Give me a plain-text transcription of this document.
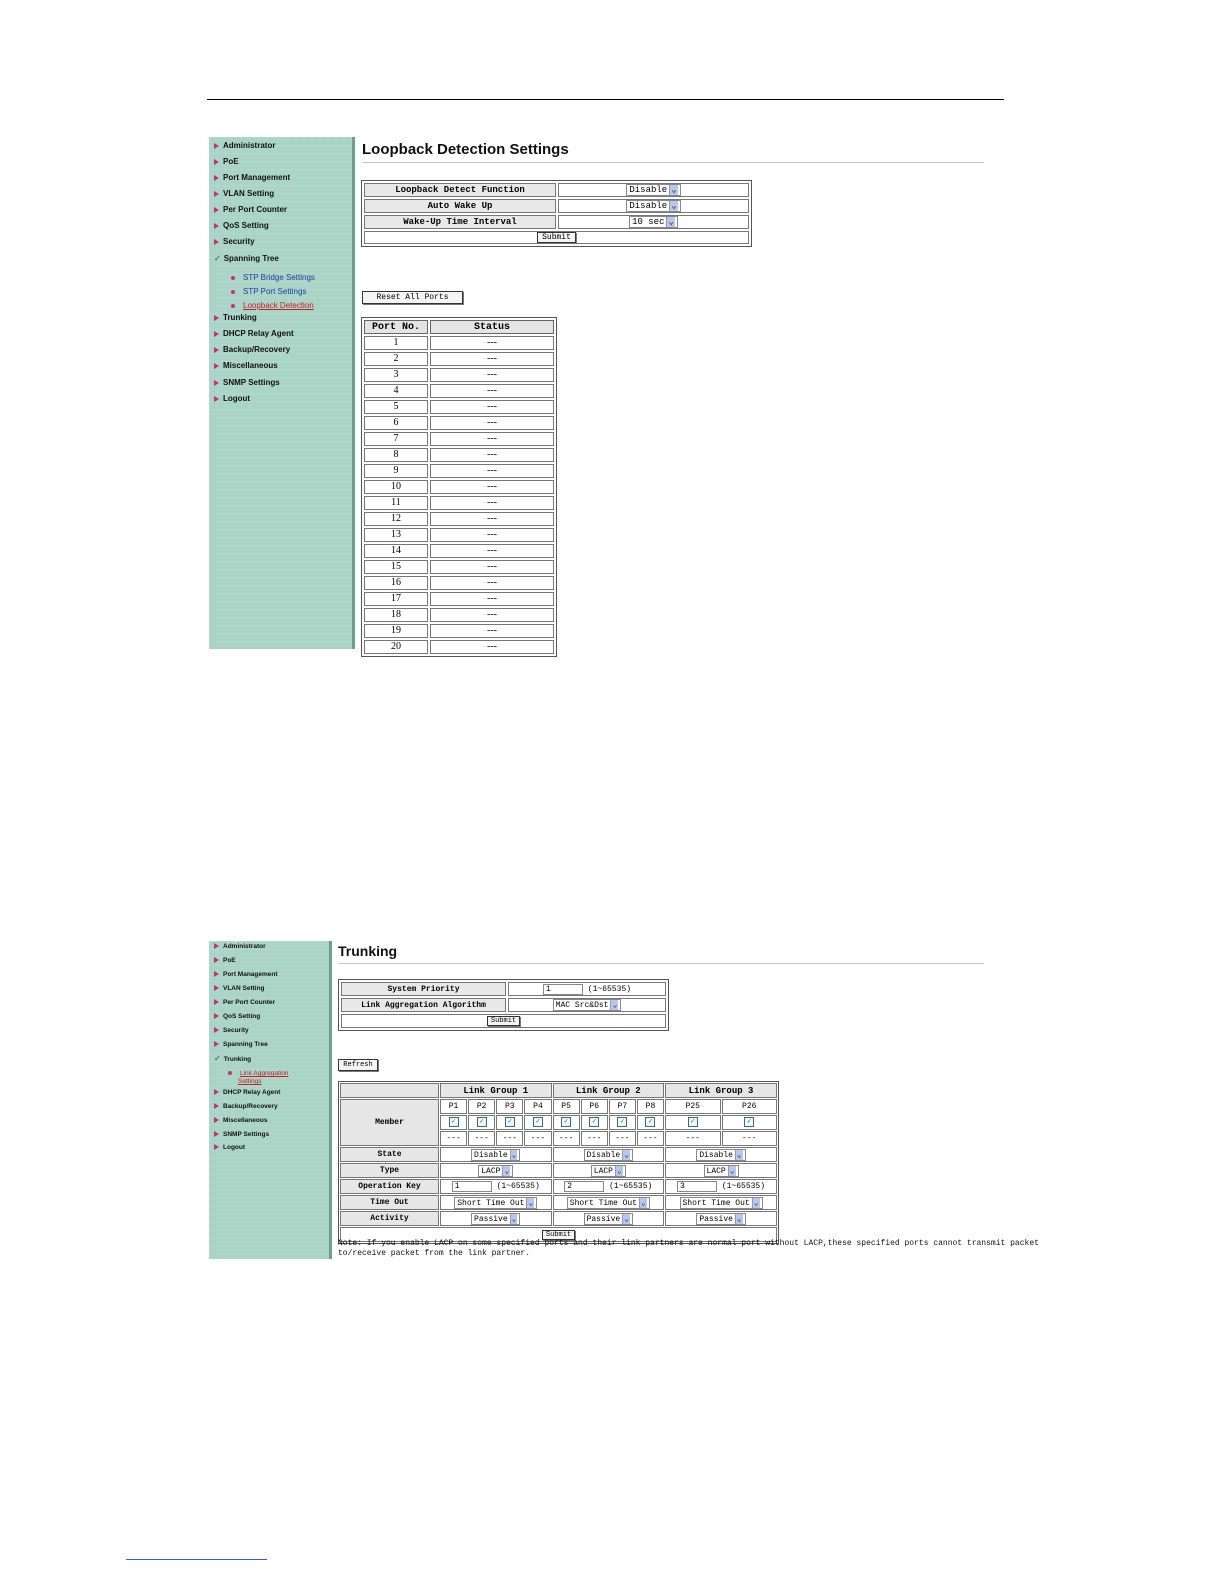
Administrator
PoE
Port Management
VLAN Setting
Per Port Counter
QoS Setting
Security
✓ Spanning Tree
STP Bridge Settings
STP Port Settings
Loopback Detection
Trunking
DHCP Relay Agent
Backup/Recovery
Miscellaneous
SNMP Settings
Logout
Loopback Detection Settings
Loopback Detect Function	Disable ⌄
Auto Wake Up	Disable ⌄
Wake-Up Time Interval	10 sec ⌄
Submit	
Reset All Ports
Port No.	Status
1	---
2	---
3	---
4	---
5	---
6	---
7	---
8	---
9	---
10	---
11	---
12	---
13	---
14	---
15	---
16	---
17	---
18	---
19	---
20	---
Administrator
PoE
Port Management
VLAN Setting
Per Port Counter
QoS Setting
Security
Spanning Tree
✓ Trunking
Link Aggregation
Settings
DHCP Relay Agent
Backup/Recovery
Miscellaneous
SNMP Settings
Logout
Trunking
System Priority	1 (1~65535)
Link Aggregation Algorithm	MAC Src&Dst ⌄
Submit	
Refresh
	Link Group 1				Link Group 2				Link Group 3	
Member	P1	P2	P3	P4	P5	P6	P7	P8	P25	P26
	✓	✓	✓	✓	✓	✓	✓	✓	✓	✓
	---	---	---	---	---	---	---	---	---	---
State	Disable ⌄				Disable ⌄				Disable ⌄	
Type	LACP ⌄				LACP ⌄				LACP ⌄	
Operation Key	1 (1~65535)				2 (1~65535)				3 (1~65535)	
Time Out	Short Time Out ⌄				Short Time Out ⌄				Short Time Out ⌄	
Activity	Passive ⌄				Passive ⌄				Passive ⌄	
Submit										
Note: If you enable LACP on some specified ports and their link partners are normal port without LACP,these specified ports cannot transmit packet
to/receive packet from the link partner.
